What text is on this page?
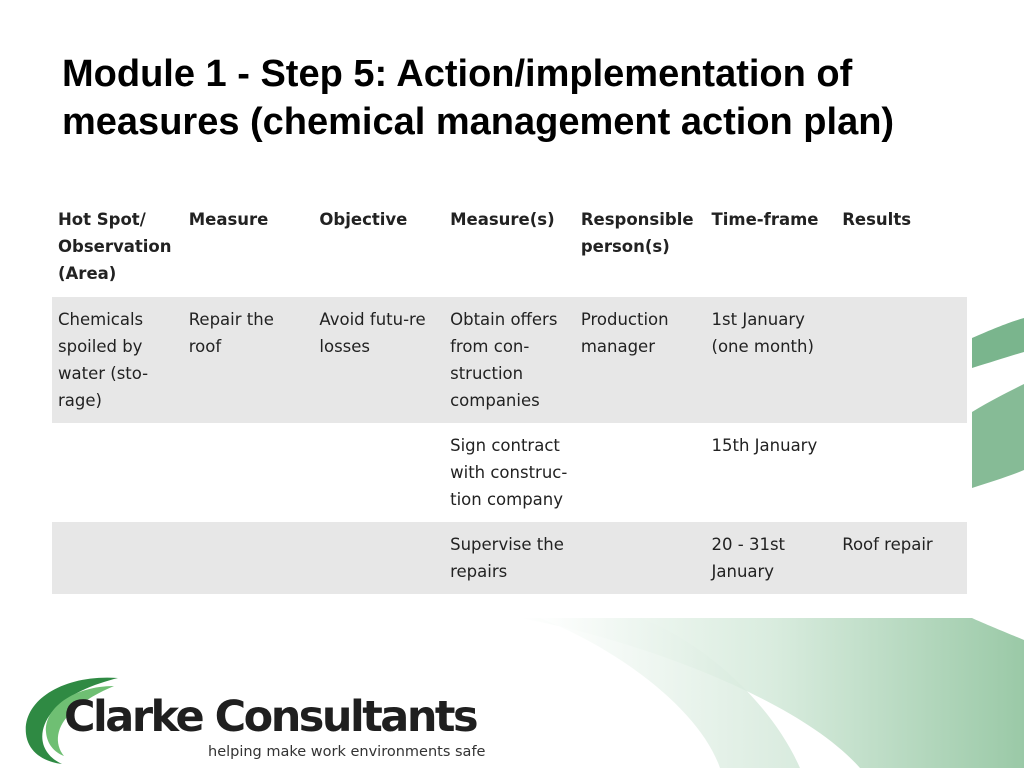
Module 1 - Step 5: Action/implementation of measures (chemical management action plan)
Hot Spot/ Observation (Area)	Measure	Objective	Measure(s)	Responsible person(s)	Time-frame	Results
Chemicals spoiled by water (sto-rage)	Repair the roof	Avoid futu-re losses	Obtain offers from con-struction companies	Production manager	1st January (one month)	
			Sign contract with construc-tion company		15th January	
			Supervise the repairs		20 - 31st January	Roof repair
Clarke Consultants
helping make work environments safe
